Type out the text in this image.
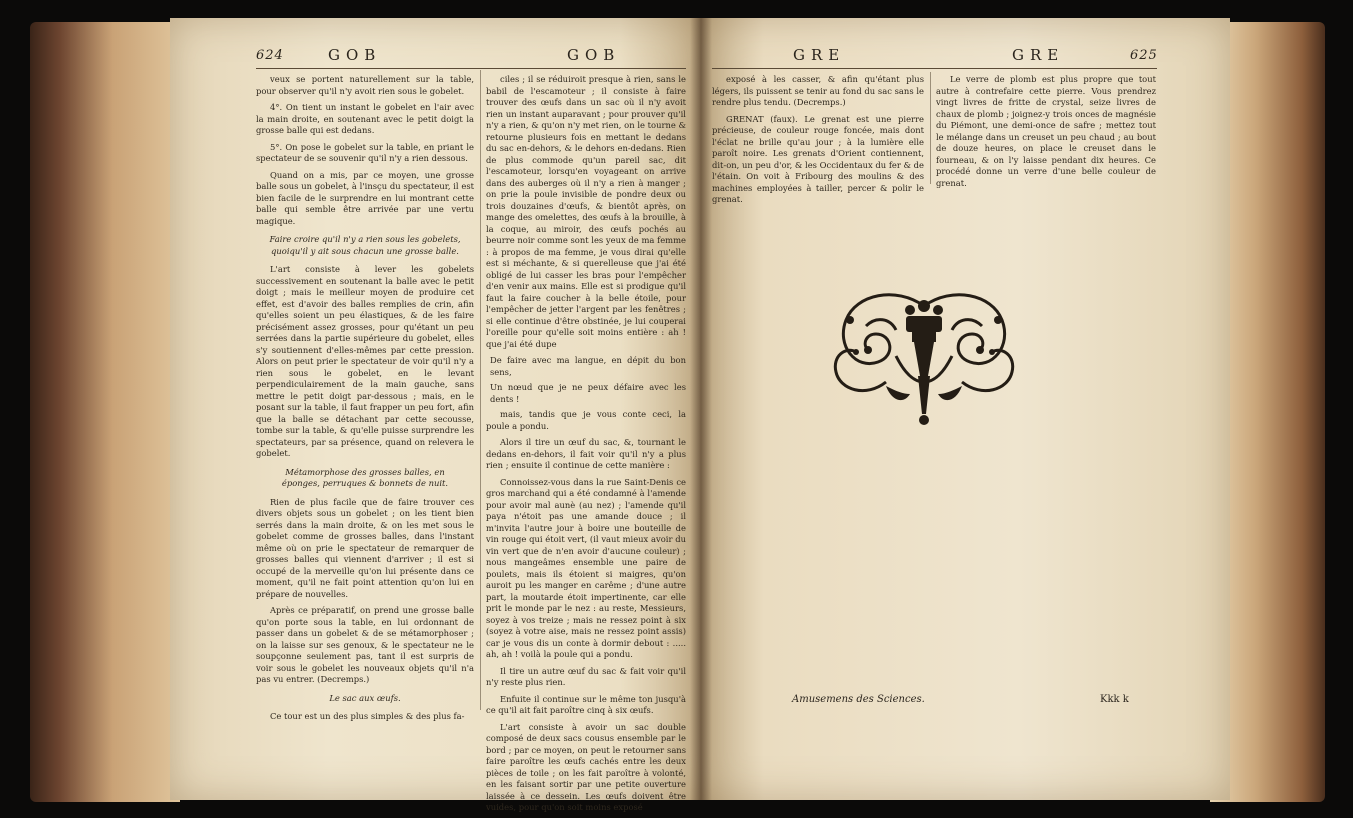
624	GOB	GOB

veux se portent naturellement sur la table, pour observer qu'il n'y avoit rien sous le gobelet.

4°. On tient un instant le gobelet en l'air avec la main droite, en soutenant avec le petit doigt la grosse balle qui est dedans.

5°. On pose le gobelet sur la table, en priant le spectateur de se souvenir qu'il n'y a rien dessous.

Quand on a mis, par ce moyen, une grosse balle sous un gobelet, à l'insçu du spectateur, il est bien facile de le surprendre en lui montrant cette balle qui semble être arrivée par une vertu magique.

Faire croire qu'il n'y a rien sous les gobelets, quoiqu'il y ait sous chacun une grosse balle.

L'art consiste à lever les gobelets successivement en soutenant la balle avec le petit doigt ; mais le meilleur moyen de produire cet effet, est d'avoir des balles remplies de crin, afin qu'elles soient un peu élastiques, & de les faire précisément assez grosses, pour qu'étant un peu serrées dans la partie supérieure du gobelet, elles s'y soutiennent d'elles-mêmes par cette pression. Alors on peut prier le spectateur de voir qu'il n'y a rien sous le gobelet, en le levant perpendiculairement de la main gauche, sans mettre le petit doigt par-dessous ; mais, en le posant sur la table, il faut frapper un peu fort, afin que la balle se détachant par cette secousse, tombe sur la table, & qu'elle puisse surprendre les spectateurs, par sa présence, quand on relevera le gobelet.

Métamorphose des grosses balles, en éponges, perruques & bonnets de nuit.

Rien de plus facile que de faire trouver ces divers objets sous un gobelet ; on les tient bien serrés dans la main droite, & on les met sous le gobelet comme de grosses balles, dans l'instant même où on prie le spectateur de remarquer de grosses balles qui viennent d'arriver ; il est si occupé de la merveille qu'on lui présente dans ce moment, qu'il ne fait point attention qu'on lui en prépare de nouvelles.

Après ce préparatif, on prend une grosse balle qu'on porte sous la table, en lui ordonnant de passer dans un gobelet & de se métamorphoser ; on la laisse sur ses genoux, & le spectateur ne le soupçonne seulement pas, tant il est surpris de voir sous le gobelet les nouveaux objets qu'il n'a pas vu entrer. (Decremps.)

Le sac aux œufs.

Ce tour est un des plus simples & des plus fa-

ciles ; il se réduiroit presque à rien, sans le babil de l'escamoteur ; il consiste à faire trouver des œufs dans un sac où il n'y avoit rien un instant auparavant ; pour prouver qu'il n'y a rien, & qu'on n'y met rien, on le tourne & retourne plusieurs fois en mettant le dedans du sac en-dehors, & le dehors en-dedans. Rien de plus commode qu'un pareil sac, dit l'escamoteur, lorsqu'en voyageant on arrive dans des auberges où il n'y a rien à manger ; on prie la poule invisible de pondre deux ou trois douzaines d'œufs, & bientôt après, on mange des omelettes, des œufs à la brouille, à la coque, au miroir, des œufs pochés au beurre noir comme sont les yeux de ma femme : à propos de ma femme, je vous dirai qu'elle est si méchante, & si querelleuse que j'ai été obligé de lui casser les bras pour l'empêcher d'en venir aux mains. Elle est si prodigue qu'il faut la faire coucher à la belle étoile, pour l'empêcher de jetter l'argent par les fenêtres ; si elle continue d'être obstinée, je lui couperai l'oreille pour qu'elle soit moins entière : ah ! que j'ai été dupe

De faire avec ma langue, en dépit du bon sens,

Un nœud que je ne peux défaire avec les dents !

mais, tandis que je vous conte ceci, la poule a pondu.

Alors il tire un œuf du sac, &, tournant le dedans en-dehors, il fait voir qu'il n'y a plus rien ; ensuite il continue de cette manière :

Connoissez-vous dans la rue Saint-Denis ce gros marchand qui a été condamné à l'amende pour avoir mal aunè (au nez) ; l'amende qu'il paya n'étoit pas une amande douce ; il m'invita l'autre jour à boire une bouteille de vin rouge qui étoit vert, (il vaut mieux avoir du vin vert que de n'en avoir d'aucune couleur) ; nous mangeâmes ensemble une paire de poulets, mais ils étoient si maigres, qu'on auroit pu les manger en carême ; d'une autre part, la moutarde étoit impertinente, car elle prit le monde par le nez : au reste, Messieurs, soyez à vos treize ; mais ne ressez point à six (soyez à votre aise, mais ne ressez point assis) car je vous dis un conte à dormir debout : ..... ah, ah ! voilà la poule qui a pondu.

Il tire un autre œuf du sac & fait voir qu'il n'y reste plus rien.

Enfuite il continue sur le même ton jusqu'à ce qu'il ait fait paroître cinq à six œufs.

L'art consiste à avoir un sac double composé de deux sacs cousus ensemble par le bord ; par ce moyen, on peut le retourner sans faire paroître les œufs cachés entre les deux pièces de toile ; on les fait paroître à volonté, en les faisant sortir par une petite ouverture laissée à ce dessein. Les œufs doivent être vuides, pour qu'on soit moins exposé

GRE	GRE	625

exposé à les casser, & afin qu'étant plus légers, ils puissent se tenir au fond du sac sans le rendre plus tendu. (Decremps.)

GRENAT (faux). Le grenat est une pierre précieuse, de couleur rouge foncée, mais dont l'éclat ne brille qu'au jour ; à la lumière elle paroît noire. Les grenats d'Orient contiennent, dit-on, un peu d'or, & les Occidentaux du fer & de l'étain. On voit à Fribourg des moulins & des machines employées à tailler, percer & polir le grenat.

Le verre de plomb est plus propre que tout autre à contrefaire cette pierre. Vous prendrez vingt livres de fritte de crystal, seize livres de chaux de plomb ; joignez-y trois onces de magnésie du Piémont, une demi-once de safre ; mettez tout le mélange dans un creuset un peu chaud ; au bout de douze heures, on place le creuset dans le fourneau, & on l'y laisse pendant dix heures. Ce procédé donne un verre d'une belle couleur de grenat.

Amusemens des Sciences.	Kkk k
